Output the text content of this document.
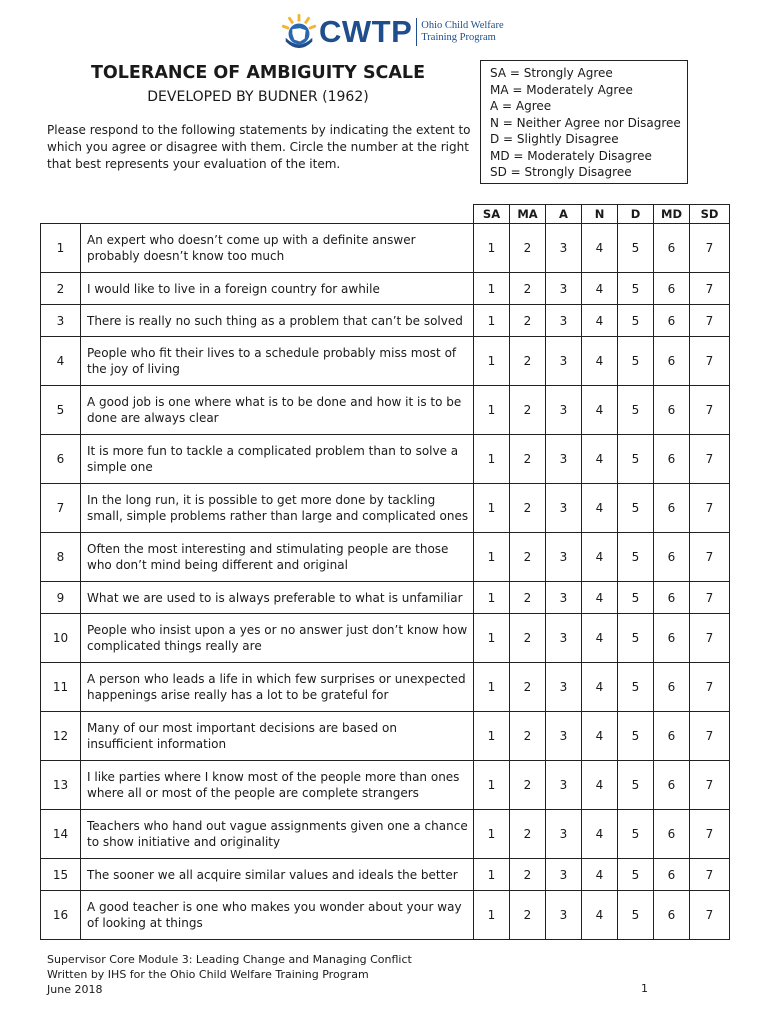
CWTP Ohio Child Welfare
Training Program
TOLERANCE OF AMBIGUITY SCALE
DEVELOPED BY BUDNER (1962)
Please respond to the following statements by indicating the extent to which you agree or disagree with them. Circle the number at the right that best represents your evaluation of the item.
SA = Strongly Agree
MA = Moderately Agree
A = Agree
N = Neither Agree nor Disagree
D = Slightly Disagree
MD = Moderately Disagree
SD = Strongly Disagree
		SA	MA	A	N	D	MD	SD
1	An expert who doesn’t come up with a definite answer
probably doesn’t know too much	1	2	3	4	5	6	7
2	I would like to live in a foreign country for awhile	1	2	3	4	5	6	7
3	There is really no such thing as a problem that can’t be solved	1	2	3	4	5	6	7
4	People who fit their lives to a schedule probably miss most of
the joy of living	1	2	3	4	5	6	7
5	A good job is one where what is to be done and how it is to be
done are always clear	1	2	3	4	5	6	7
6	It is more fun to tackle a complicated problem than to solve a
simple one	1	2	3	4	5	6	7
7	In the long run, it is possible to get more done by tackling
small, simple problems rather than large and complicated ones	1	2	3	4	5	6	7
8	Often the most interesting and stimulating people are those
who don’t mind being different and original	1	2	3	4	5	6	7
9	What we are used to is always preferable to what is unfamiliar	1	2	3	4	5	6	7
10	People who insist upon a yes or no answer just don’t know how
complicated things really are	1	2	3	4	5	6	7
11	A person who leads a life in which few surprises or unexpected
happenings arise really has a lot to be grateful for	1	2	3	4	5	6	7
12	Many of our most important decisions are based on
insufficient information	1	2	3	4	5	6	7
13	I like parties where I know most of the people more than ones
where all or most of the people are complete strangers	1	2	3	4	5	6	7
14	Teachers who hand out vague assignments given one a chance
to show initiative and originality	1	2	3	4	5	6	7
15	The sooner we all acquire similar values and ideals the better	1	2	3	4	5	6	7
16	A good teacher is one who makes you wonder about your way
of looking at things	1	2	3	4	5	6	7
Supervisor Core Module 3: Leading Change and Managing Conflict
Written by IHS for the Ohio Child Welfare Training Program
June 2018	1
